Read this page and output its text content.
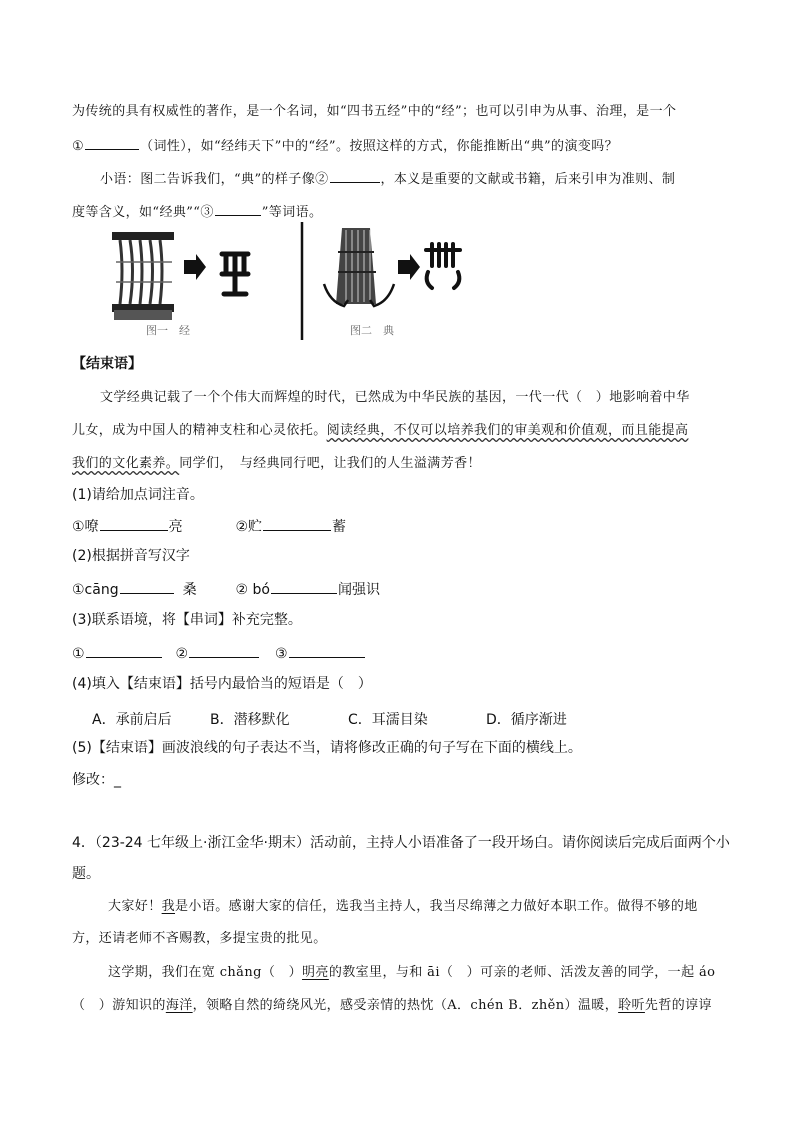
为传统的具有权威性的著作，是一个名词，如“四书五经”中的“经”；也可以引申为从事、治理，是一个
①	（词性），如“经纬天下”中的“经”。按照这样的方式，你能推断出“典”的演变吗？
小语：图二告诉我们，“典”的样子像②	，本义是重要的文献或书籍，后来引申为准则、制
度等含义，如“经典”“③	”等词语。
图一　经	图二　典
【结束语】
文学经典记载了一个个伟大而辉煌的时代，已然成为中华民族的基因，一代一代（　）地影响着中华
儿女，成为中国人的精神支柱和心灵依托。阅读经典，不仅可以培养我们的审美观和价值观，而且能提高
我们的文化素养。同学们，　与经典同行吧，让我们的人生溢满芳香！
(1)请给加点词注音。
①嘹	亮	②贮	蓄
(2)根据拼音写汉字
①cāng	桑	② bó	闻强识
(3)联系语境，将【串词】补充完整。
①	②	③
(4)填入【结束语】括号内最恰当的短语是（　）
A．承前启后	B．潜移默化	C．耳濡目染	D．循序渐进
(5)【结束语】画波浪线的句子表达不当，请将修改正确的句子写在下面的横线上。
修改：_
4．（23-24 七年级上·浙江金华·期末）活动前，主持人小语准备了一段开场白。请你阅读后完成后面两个小
题。
大家好！我是小语。感谢大家的信任，选我当主持人，我当尽绵薄之力做好本职工作。做得不够的地
方，还请老师不吝赐教，多提宝贵的批见。
这学期，我们在宽 chǎng（　）明亮的教室里，与和 āi（　）可亲的老师、活泼友善的同学，一起 áo
（　）游知识的海洋，领略自然的绮绕风光，感受亲情的热忱（A．chén B．zhěn）温暖，聆听先哲的谆谆
